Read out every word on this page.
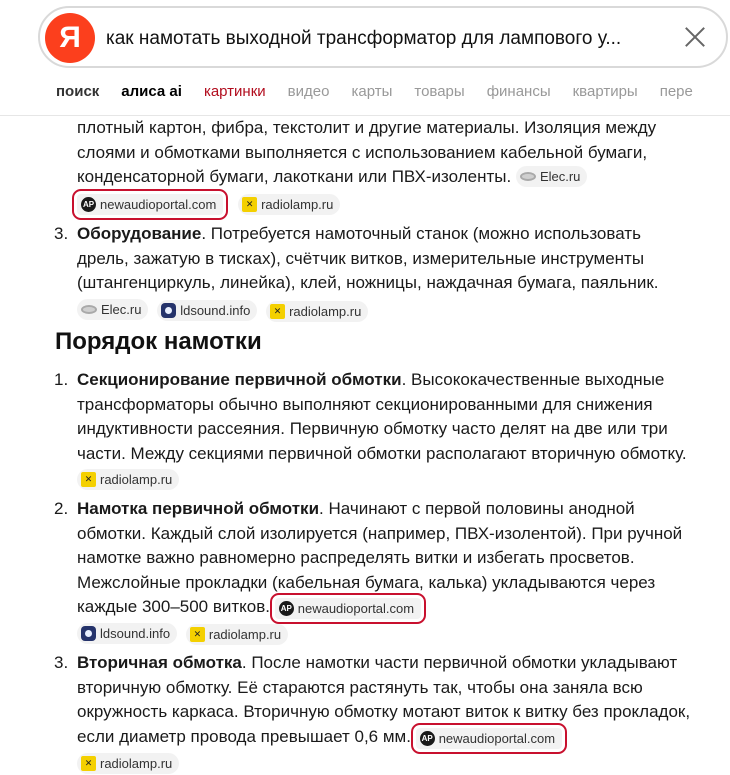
Я	как намотать выходной трансформатор для лампового у...
поиск алиса ai картинки видео карты товары финансы квартиры пере
плотный картон, фибра, текстолит и другие материалы. Изоляция между слоями и обмотками выполняется с использованием кабельной бумаги, конденсаторной бумаги, лакоткани или ПВХ-изоленты. Elec.ru
AP newaudioportal.com
	✕ radiolamp.ru
3. Оборудование. Потребуется намоточный станок (можно использовать дрель, зажатую в тисках), счётчик витков, измерительные инструменты (штангенциркуль, линейка), клей, ножницы, наждачная бумага, паяльник.
Elec.ru
	ldsound.info
	✕ radiolamp.ru
Порядок намотки
1. Секционирование первичной обмотки. Высококачественные выходные трансформаторы обычно выполняют секционированными для снижения индуктивности рассеяния. Первичную обмотку часто делят на две или три части. Между секциями первичной обмотки располагают вторичную обмотку.
✕ radiolamp.ru
2. Намотка первичной обмотки. Начинают с первой половины анодной обмотки. Каждый слой изолируется (например, ПВХ-изолентой). При ручной намотке важно равномерно распределять витки и избегать просветов. Межслойные прокладки (кабельная бумага, калька) укладываются через каждые 300–500 витков. AP newaudioportal.com
ldsound.info
	✕ radiolamp.ru
3. Вторичная обмотка. После намотки части первичной обмотки укладывают вторичную обмотку. Её стараются растянуть так, чтобы она заняла всю окружность каркаса. Вторичную обмотку мотают виток к витку без прокладок, если диаметр провода превышает 0,6 мм. AP newaudioportal.com
✕ radiolamp.ru
